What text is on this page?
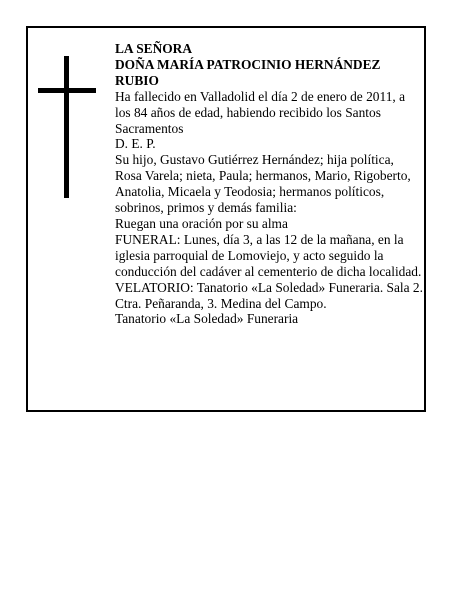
LA SEÑORA

DOÑA MARÍA PATROCINIO HERNÁNDEZ RUBIO

Ha fallecido en Valladolid el día 2 de enero de 2011, a los 84 años de edad, habiendo recibido los Santos Sacramentos

D. E. P.

Su hijo, Gustavo Gutiérrez Hernández; hija política, Rosa Varela; nieta, Paula; hermanos, Mario, Rigoberto, Anatolia, Micaela y Teodosia; hermanos políticos, sobrinos, primos y demás familia:

Ruegan una oración por su alma

FUNERAL: Lunes, día 3, a las 12 de la mañana, en la iglesia parroquial de Lomoviejo, y acto seguido la conducción del cadáver al cementerio de dicha localidad.

VELATORIO: Tanatorio «La Soledad» Funeraria. Sala 2. Ctra. Peñaranda, 3. Medina del Campo.

Tanatorio «La Soledad» Funeraria
